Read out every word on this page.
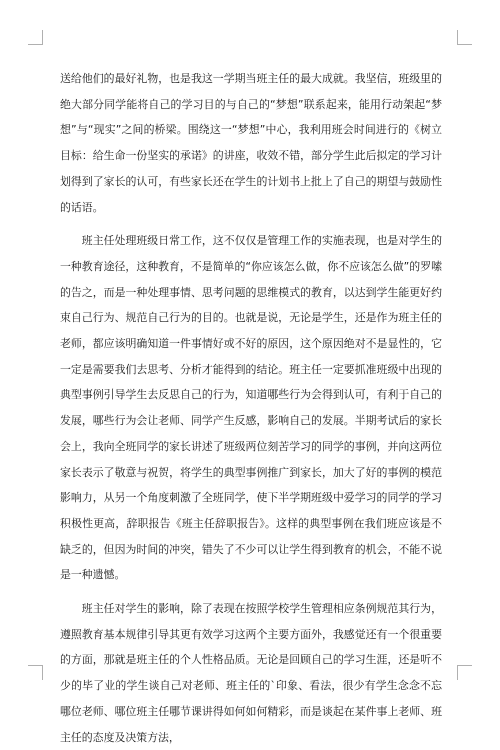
送给他们的最好礼物，也是我这一学期当班主任的最大成就。我坚信，班级里的绝大部分同学能将自己的学习目的与自己的“梦想”联系起来，能用行动架起“梦想”与“现实”之间的桥梁。围绕这一“梦想”中心，我利用班会时间进行的《树立目标：给生命一份坚实的承诺》的讲座，收效不错，部分学生此后拟定的学习计划得到了家长的认可，有些家长还在学生的计划书上批上了自己的期望与鼓励性的话语。

班主任处理班级日常工作，这不仅仅是管理工作的实施表现，也是对学生的一种教育途径，这种教育，不是简单的“你应该怎么做，你不应该怎么做”的罗嗦的告之，而是一种处理事情、思考问题的思维模式的教育，以达到学生能更好约束自己行为、规范自己行为的目的。也就是说，无论是学生，还是作为班主任的老师，都应该明确知道一件事情好或不好的原因，这个原因绝对不是显性的，它一定是需要我们去思考、分析才能得到的结论。班主任一定要抓准班级中出现的典型事例引导学生去反思自己的行为，知道哪些行为会得到认可，有利于自己的发展，哪些行为会让老师、同学产生反感，影响自己的发展。半期考试后的家长会上，我向全班同学的家长讲述了班级两位刻苦学习的同学的事例，并向这两位家长表示了敬意与祝贺，将学生的典型事例推广到家长，加大了好的事例的模范影响力，从另一个角度刺激了全班同学，使下半学期班级中爱学习的同学的学习积极性更高，辞职报告《班主任辞职报告》。这样的典型事例在我们班应该是不缺乏的，但因为时间的冲突，错失了不少可以让学生得到教育的机会，不能不说是一种遗憾。

班主任对学生的影响，除了表现在按照学校学生管理相应条例规范其行为，遵照教育基本规律引导其更有效学习这两个主要方面外，我感觉还有一个很重要的方面，那就是班主任的个人性格品质。无论是回顾自己的学习生涯，还是听不少的毕了业的学生谈自己对老师、班主任的`印象、看法，很少有学生念念不忘哪位老师、哪位班主任哪节课讲得如何如何精彩，而是谈起在某件事上老师、班主任的态度及决策方法，
